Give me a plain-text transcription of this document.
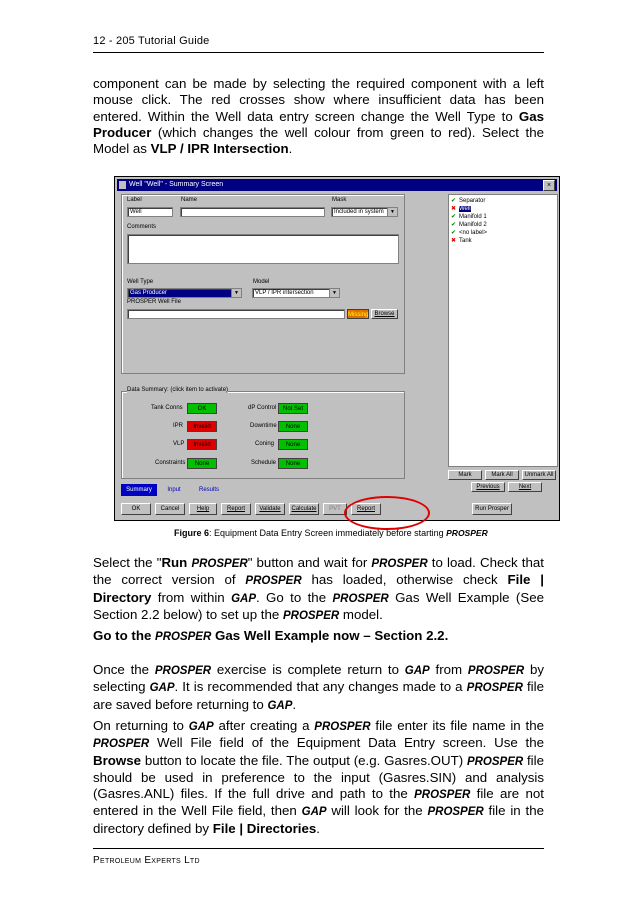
12 - 205 Tutorial Guide

component can be made by selecting the required component with a left mouse click. The red crosses show where insufficient data has been entered. Within the Well data entry screen change the Well Type to Gas Producer (which changes the well colour from green to red). Select the Model as VLP / IPR Intersection.

Well "Well" - Summary Screen	×
Label
Well
Name	Mask
Included in system	▼
Comments
Well Type
Gas Producer	▼
Model
VLP / IPR intersection	▼
PROSPER Well File
Missing	Browse
Data Summary: (click item to activate)
Tank Conns	OK
IPR	Invalid
VLP	Invalid
Constraints	None
dP Control	Not Set
Downtime	None
Coning	None
Schedule	None
✔ Separator
✖ Well
✔ Manifold 1
✔ Manifold 2
✔ <no label>
✖ Tank
Mark	Mark All	Unmark All
Previous	Next
Summary	Input	Results
OK	Cancel	Help	Report	Validate	Calculate	PVT	Report	Run Prosper
Figure 6: Equipment Data Entry Screen immediately before starting PROSPER

Select the "Run PROSPER" button and wait for PROSPER to load. Check that the correct version of PROSPER has loaded, otherwise check File | Directory from within GAP. Go to the PROSPER Gas Well Example (See Section 2.2 below) to set up the PROSPER model.

Go to the PROSPER Gas Well Example now – Section 2.2.

Once the PROSPER exercise is complete return to GAP from PROSPER by selecting GAP. It is recommended that any changes made to a PROSPER file are saved before returning to GAP.

On returning to GAP after creating a PROSPER file enter its file name in the PROSPER Well File field of the Equipment Data Entry screen. Use the Browse button to locate the file. The output (e.g. Gasres.OUT) PROSPER file should be used in preference to the input (Gasres.SIN) and analysis (Gasres.ANL) files. If the full drive and path to the PROSPER file are not entered in the Well File field, then GAP will look for the PROSPER file in the directory defined by File | Directories.

Petroleum Experts Ltd
